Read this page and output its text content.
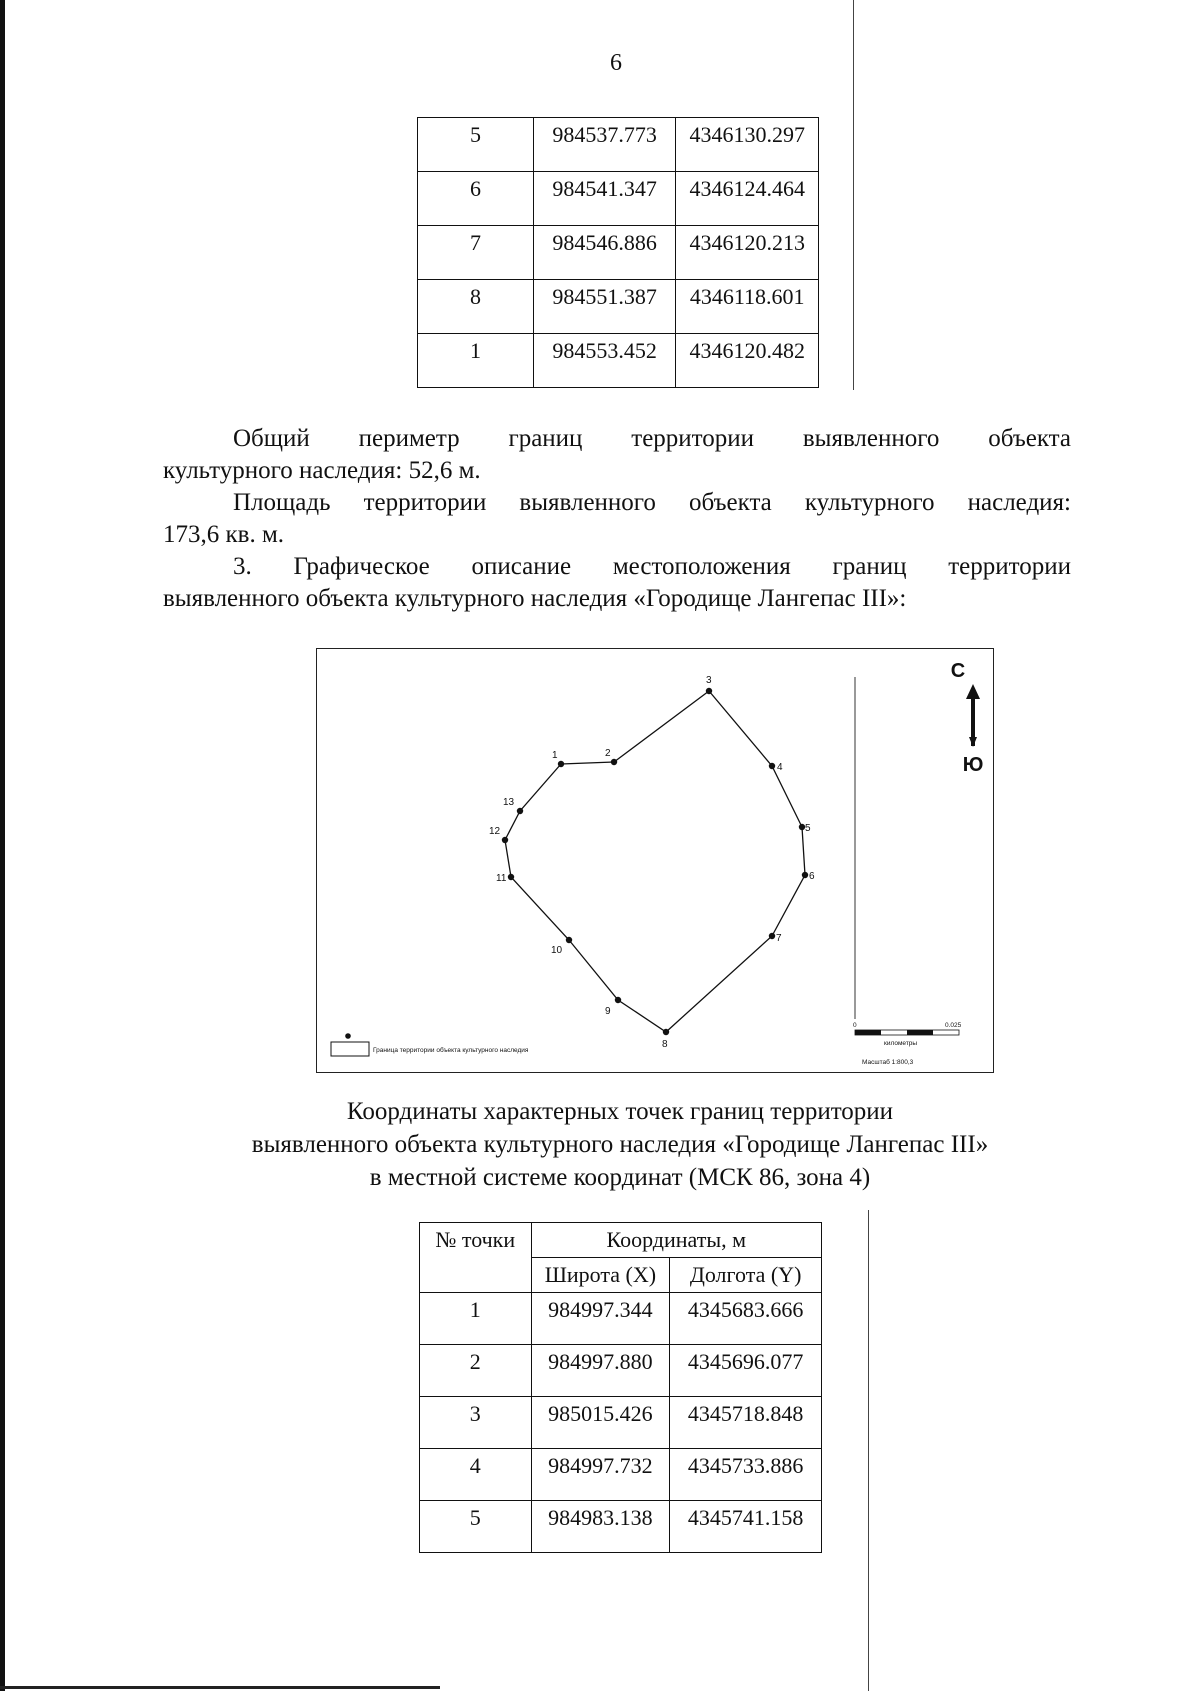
6
5	984537.773	4346130.297
6	984541.347	4346124.464
7	984546.886	4346120.213
8	984551.387	4346118.601
1	984553.452	4346120.482
Общий периметр границ территории выявленного объекта
культурного наследия: 52,6 м.
Площадь территории выявленного объекта культурного наследия:
173,6 кв. м.
3. Графическое описание местоположения границ территории
выявленного объекта культурного наследия «Городище Лангепас III»:
1	2
3
4
5
6
7
8
9
10
11
12
13
С
Ю
Граница территории объекта культурного наследия
0	0.025
километры
Масштаб 1:800,3
Координаты характерных точек границ территории
выявленного объекта культурного наследия «Городище Лангепас III»
в местной системе координат (МСК 86, зона 4)
№ точки	Координаты, м	
	Широта (X)	Долгота (Y)
1	984997.344	4345683.666
2	984997.880	4345696.077
3	985015.426	4345718.848
4	984997.732	4345733.886
5	984983.138	4345741.158
